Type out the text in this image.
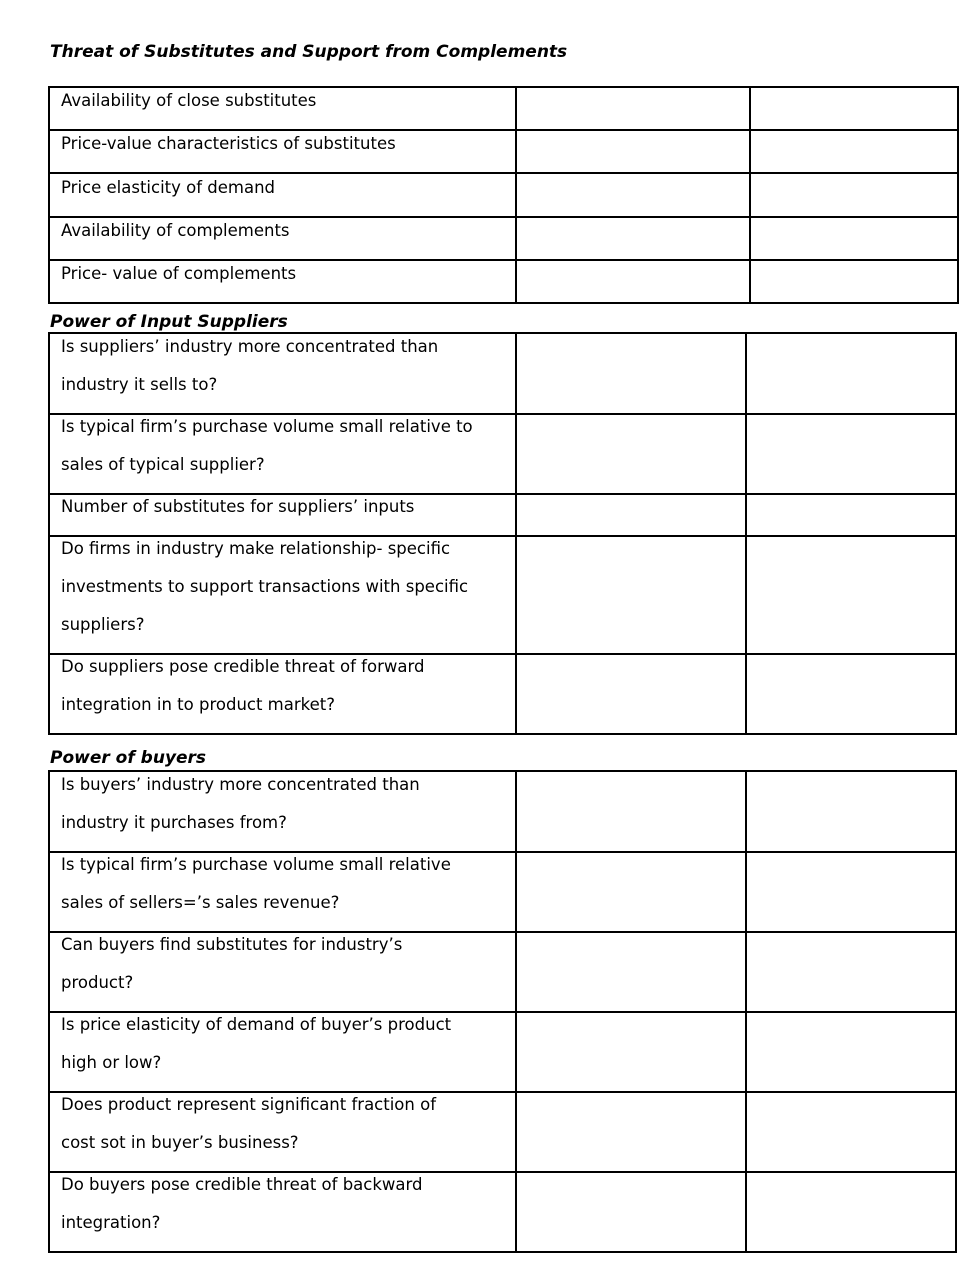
Threat of Substitutes and Support from Complements
Availability of close substitutes		

Price-value characteristics of substitutes		

Price elasticity of demand		

Availability of complements		

Price- value of complements		

Power of Input Suppliers
Is suppliers’ industry more concentrated than
industry it sells to?		

Is typical firm’s purchase volume small relative to
sales of typical supplier?		

Number of substitutes for suppliers’ inputs		

Do firms in industry make relationship- specific
investments to support transactions with specific
suppliers?		

Do suppliers pose credible threat of forward
integration in to product market?		

Power of buyers
Is buyers’ industry more concentrated than
industry it purchases from?		

Is typical firm’s purchase volume small relative
sales of sellers=’s sales revenue?		

Can buyers find substitutes for industry’s
product?		

Is price elasticity of demand of buyer’s product
high or low?		

Does product represent significant fraction of
cost sot in buyer’s business?		

Do buyers pose credible threat of backward
integration?		
